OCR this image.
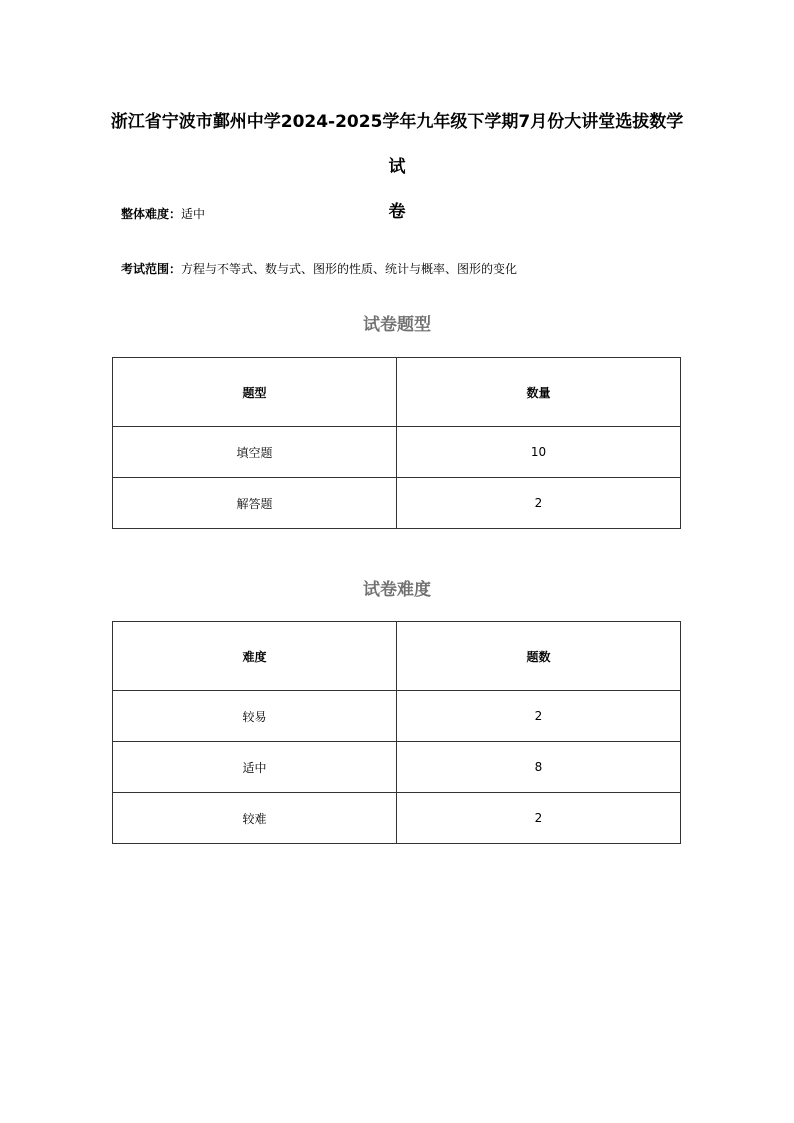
浙江省宁波市鄞州中学2024-2025学年九年级下学期7月份大讲堂选拔数学试
卷
整体难度：适中
考试范围：方程与不等式、数与式、图形的性质、统计与概率、图形的变化
试卷题型
题型	数量
填空题	10
解答题	2
试卷难度
难度	题数
较易	2
适中	8
较难	2
